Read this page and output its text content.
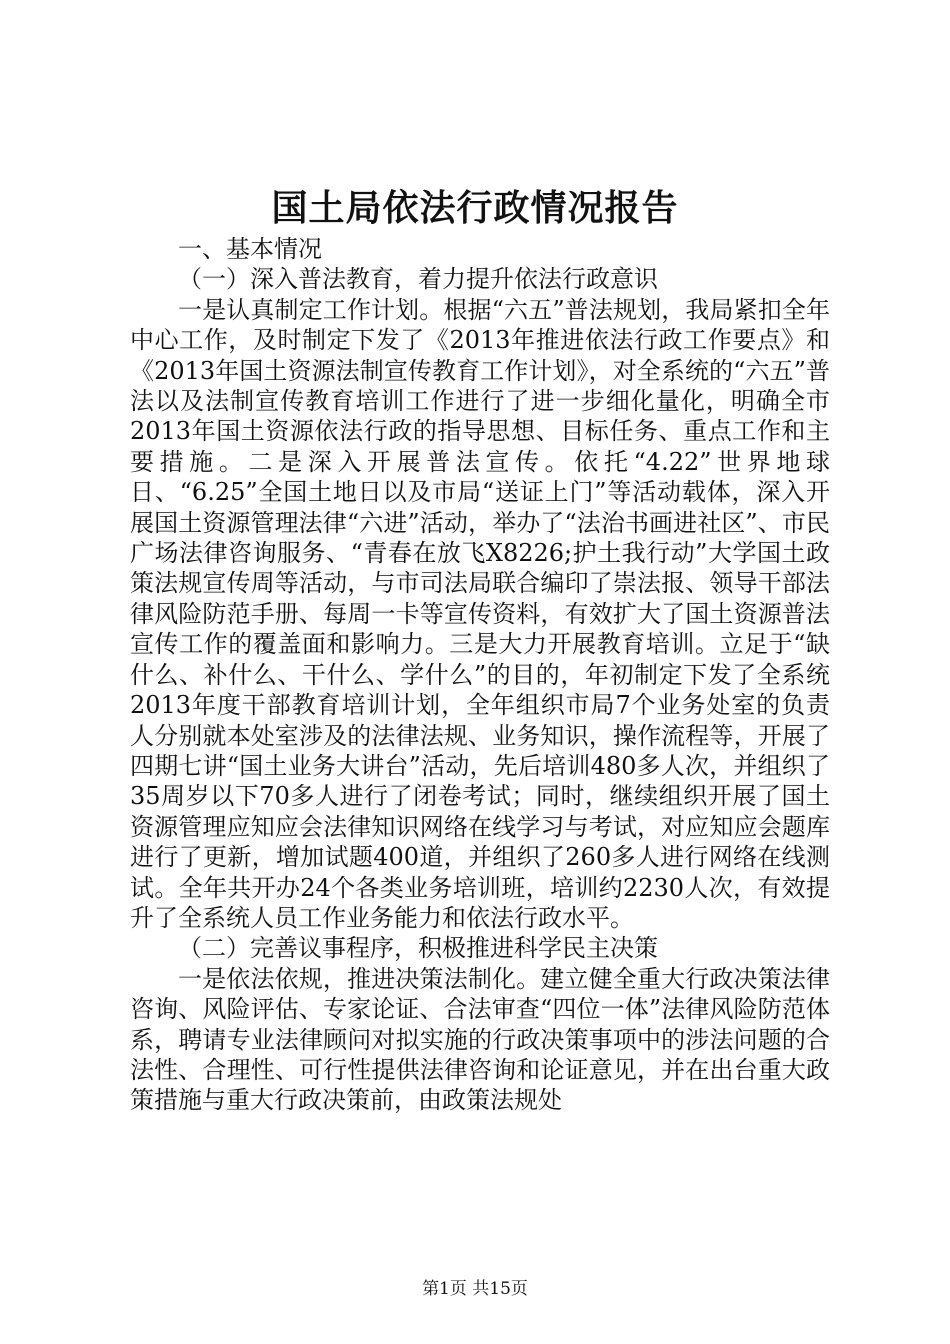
国土局依法行政情况报告

一、基本情况

（一）深入普法教育，着力提升依法行政意识

一是认真制定工作计划。根据“六五”普法规划，我局紧扣全年中心工作，及时制定下发了《2013年推进依法行政工作要点》和《2013年国土资源法制宣传教育工作计划》，对全系统的“六五”普法以及法制宣传教育培训工作进行了进一步细化量化，明确全市2013年国土资源依法行政的指导思想、目标任务、重点工作和主要措施。二是深入开展普法宣传。依托“4.22”世界地球日、“6.25”全国土地日以及市局“送证上门”等活动载体，深入开展国土资源管理法律“六进”活动，举办了“法治书画进社区”、市民广场法律咨询服务、“青春在放飞X8226;护土我行动”大学国土政策法规宣传周等活动，与市司法局联合编印了崇法报、领导干部法律风险防范手册、每周一卡等宣传资料，有效扩大了国土资源普法宣传工作的覆盖面和影响力。三是大力开展教育培训。立足于“缺什么、补什么、干什么、学什么”的目的，年初制定下发了全系统2013年度干部教育培训计划，全年组织市局7个业务处室的负责人分别就本处室涉及的法律法规、业务知识，操作流程等，开展了四期七讲“国土业务大讲台”活动，先后培训480多人次，并组织了35周岁以下70多人进行了闭卷考试；同时，继续组织开展了国土资源管理应知应会法律知识网络在线学习与考试，对应知应会题库进行了更新，增加试题400道，并组织了260多人进行网络在线测试。全年共开办24个各类业务培训班，培训约2230人次，有效提升了全系统人员工作业务能力和依法行政水平。

（二）完善议事程序，积极推进科学民主决策

一是依法依规，推进决策法制化。建立健全重大行政决策法律咨询、风险评估、专家论证、合法审查“四位一体”法律风险防范体系，聘请专业法律顾问对拟实施的行政决策事项中的涉法问题的合法性、合理性、可行性提供法律咨询和论证意见，并在出台重大政策措施与重大行政决策前，由政策法规处

第1页 共15页
